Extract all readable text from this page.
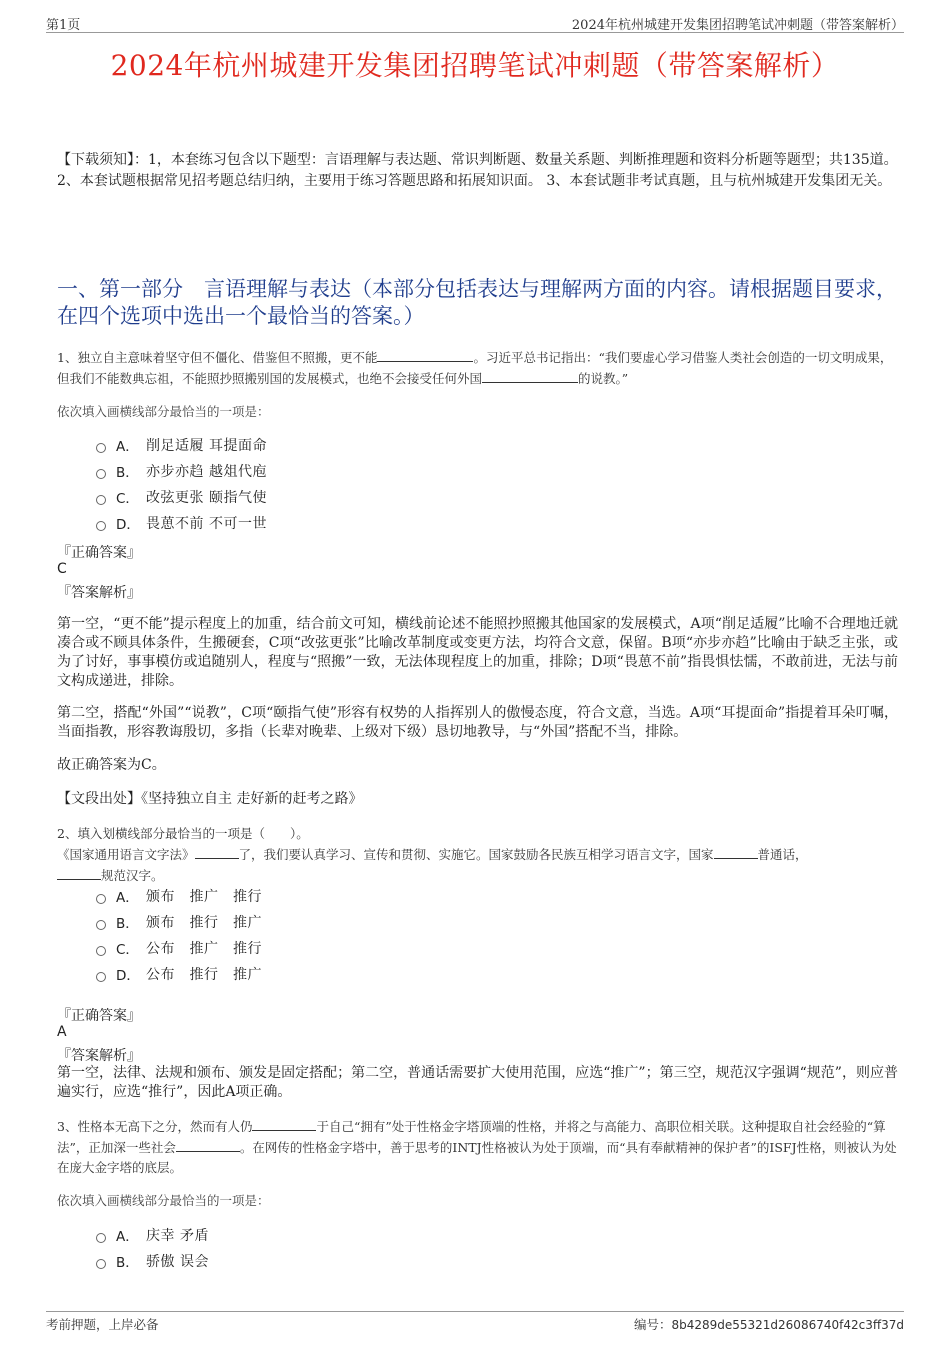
第1页	2024年杭州城建开发集团招聘笔试冲刺题（带答案解析）
2024年杭州城建开发集团招聘笔试冲刺题（带答案解析）
【下载须知】：1，本套练习包含以下题型：言语理解与表达题、常识判断题、数量关系题、判断推理题和资料分析题等题型；共135道。 2、本套试题根据常见招考题总结归纳，主要用于练习答题思路和拓展知识面。 3、本套试题非考试真题，且与杭州城建开发集团无关。
一、第一部分　言语理解与表达（本部分包括表达与理解两方面的内容。请根据题目要求，在四个选项中选出一个最恰当的答案。）
1、独立自主意味着坚守但不僵化、借鉴但不照搬，更不能	。习近平总书记指出：“我们要虚心学习借鉴人类社会创造的一切文明成果，但我们不能数典忘祖，不能照抄照搬别国的发展模式，也绝不会接受任何外国	的说教。”
依次填入画横线部分最恰当的一项是：
A． 削足适履 耳提面命
B． 亦步亦趋 越俎代庖
C． 改弦更张 颐指气使
D． 畏葸不前 不可一世
『正确答案』
C
『答案解析』
第一空，“更不能”提示程度上的加重，结合前文可知，横线前论述不能照抄照搬其他国家的发展模式，A项“削足适履”比喻不合理地迁就凑合或不顾具体条件，生搬硬套，C项“改弦更张”比喻改革制度或变更方法，均符合文意，保留。B项“亦步亦趋”比喻由于缺乏主张，或为了讨好，事事模仿或追随别人，程度与“照搬”一致，无法体现程度上的加重，排除；D项“畏葸不前”指畏惧怯懦，不敢前进，无法与前文构成递进，排除。
第二空，搭配“外国”“说教”，C项“颐指气使”形容有权势的人指挥别人的傲慢态度，符合文意，当选。A项“耳提面命”指提着耳朵叮嘱，当面指教，形容教诲殷切，多指（长辈对晚辈、上级对下级）恳切地教导，与“外国”搭配不当，排除。
故正确答案为C。
【文段出处】《坚持独立自主 走好新的赶考之路》
2、填入划横线部分最恰当的一项是（　　）。
《国家通用语言文字法》	了，我们要认真学习、宣传和贯彻、实施它。国家鼓励各民族互相学习语言文字，国家	普通话，规范汉字。
A． 颁布　推广　推行
B． 颁布　推行　推广
C． 公布　推广　推行
D． 公布　推行　推广
『正确答案』
A
『答案解析』
第一空，法律、法规和颁布、颁发是固定搭配；第二空，普通话需要扩大使用范围，应选“推广”；第三空，规范汉字强调“规范”，则应普遍实行，应选“推行”，因此A项正确。
3、性格本无高下之分，然而有人仍	于自己“拥有”处于性格金字塔顶端的性格，并将之与高能力、高职位相关联。这种提取自社会经验的“算法”，正加深一些社会	。在网传的性格金字塔中，善于思考的INTJ性格被认为处于顶端，而“具有奉献精神的保护者”的ISFJ性格，则被认为处在庞大金字塔的底层。
依次填入画横线部分最恰当的一项是：
A． 庆幸 矛盾
B． 骄傲 误会
考前押题，上岸必备	编号：8b4289de55321d26086740f42c3ff37d
